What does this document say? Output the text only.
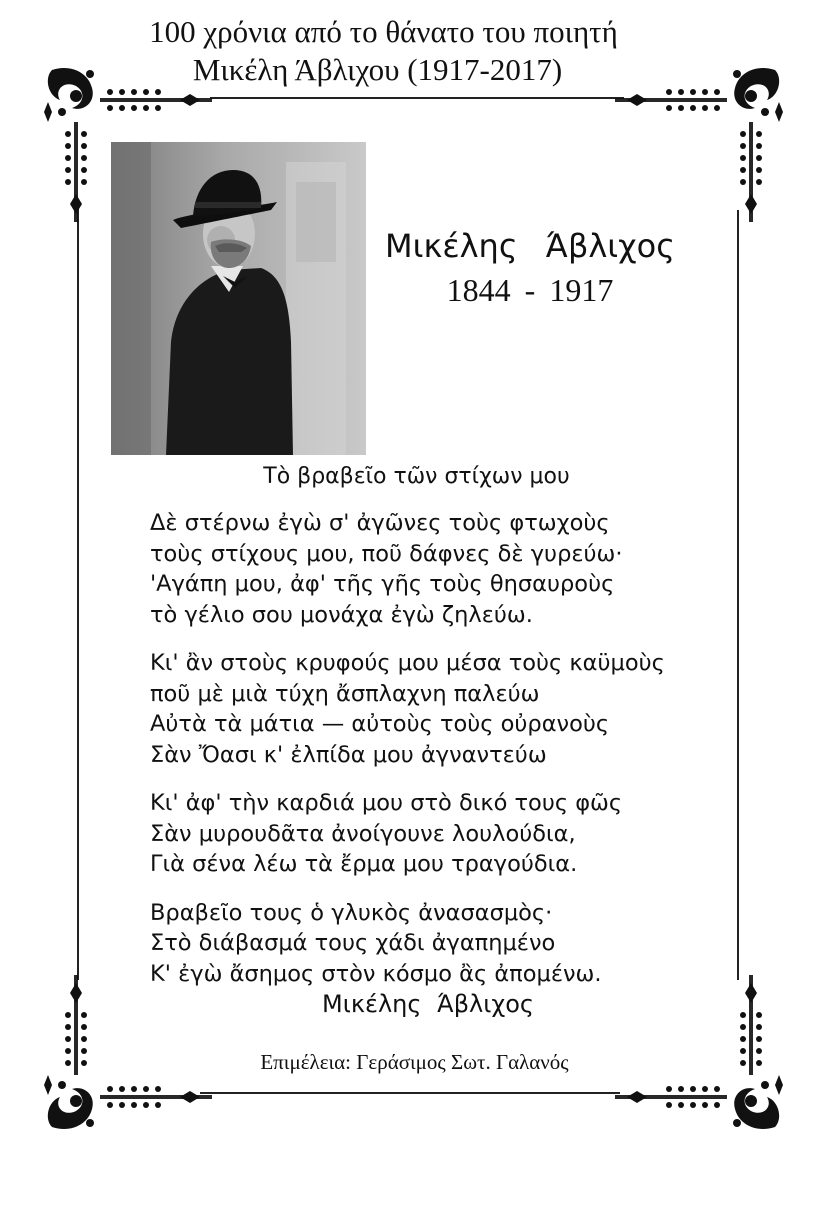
100 χρόνια από το θάνατο του ποιητή
Μικέλη Άβλιχου (1917-2017)
Μικέλης Άβλιχος
1844 - 1917
Τὸ βραβεῖο τῶν στίχων μου
Δὲ στέρνω ἐγὼ σ' ἀγῶνες τοὺς φτωχοὺς
τοὺς στίχους μου, ποῦ δάφνες δὲ γυρεύω·
'Αγάπη μου, ἀφ' τῆς γῆς τοὺς θησαυροὺς
τὸ γέλιο σου μονάχα ἐγὼ ζηλεύω.
Κι' ἂν στοὺς κρυφούς μου μέσα τοὺς καϋμοὺς
ποῦ μὲ μιὰ τύχη ἄσπλαχνη παλεύω
Αὐτὰ τὰ μάτια — αὐτοὺς τοὺς οὐρανοὺς
Σὰν Ὄασι κ' ἐλπίδα μου ἀγναντεύω
Κι' ἀφ' τὴν καρδιά μου στὸ δικό τους φῶς
Σὰν μυρουδᾶτα ἀνοίγουνε λουλούδια,
Γιὰ σένα λέω τὰ ἔρμα μου τραγούδια.
Βραβεῖο τους ὁ γλυκὸς ἀνασασμὸς·
Στὸ διάβασμά τους χάδι ἀγαπημένο
Κ' ἐγὼ ἄσημος στὸν κόσμο ἂς ἀπομένω.
Μικέλης Άβλιχος
Επιμέλεια: Γεράσιμος Σωτ. Γαλανός
